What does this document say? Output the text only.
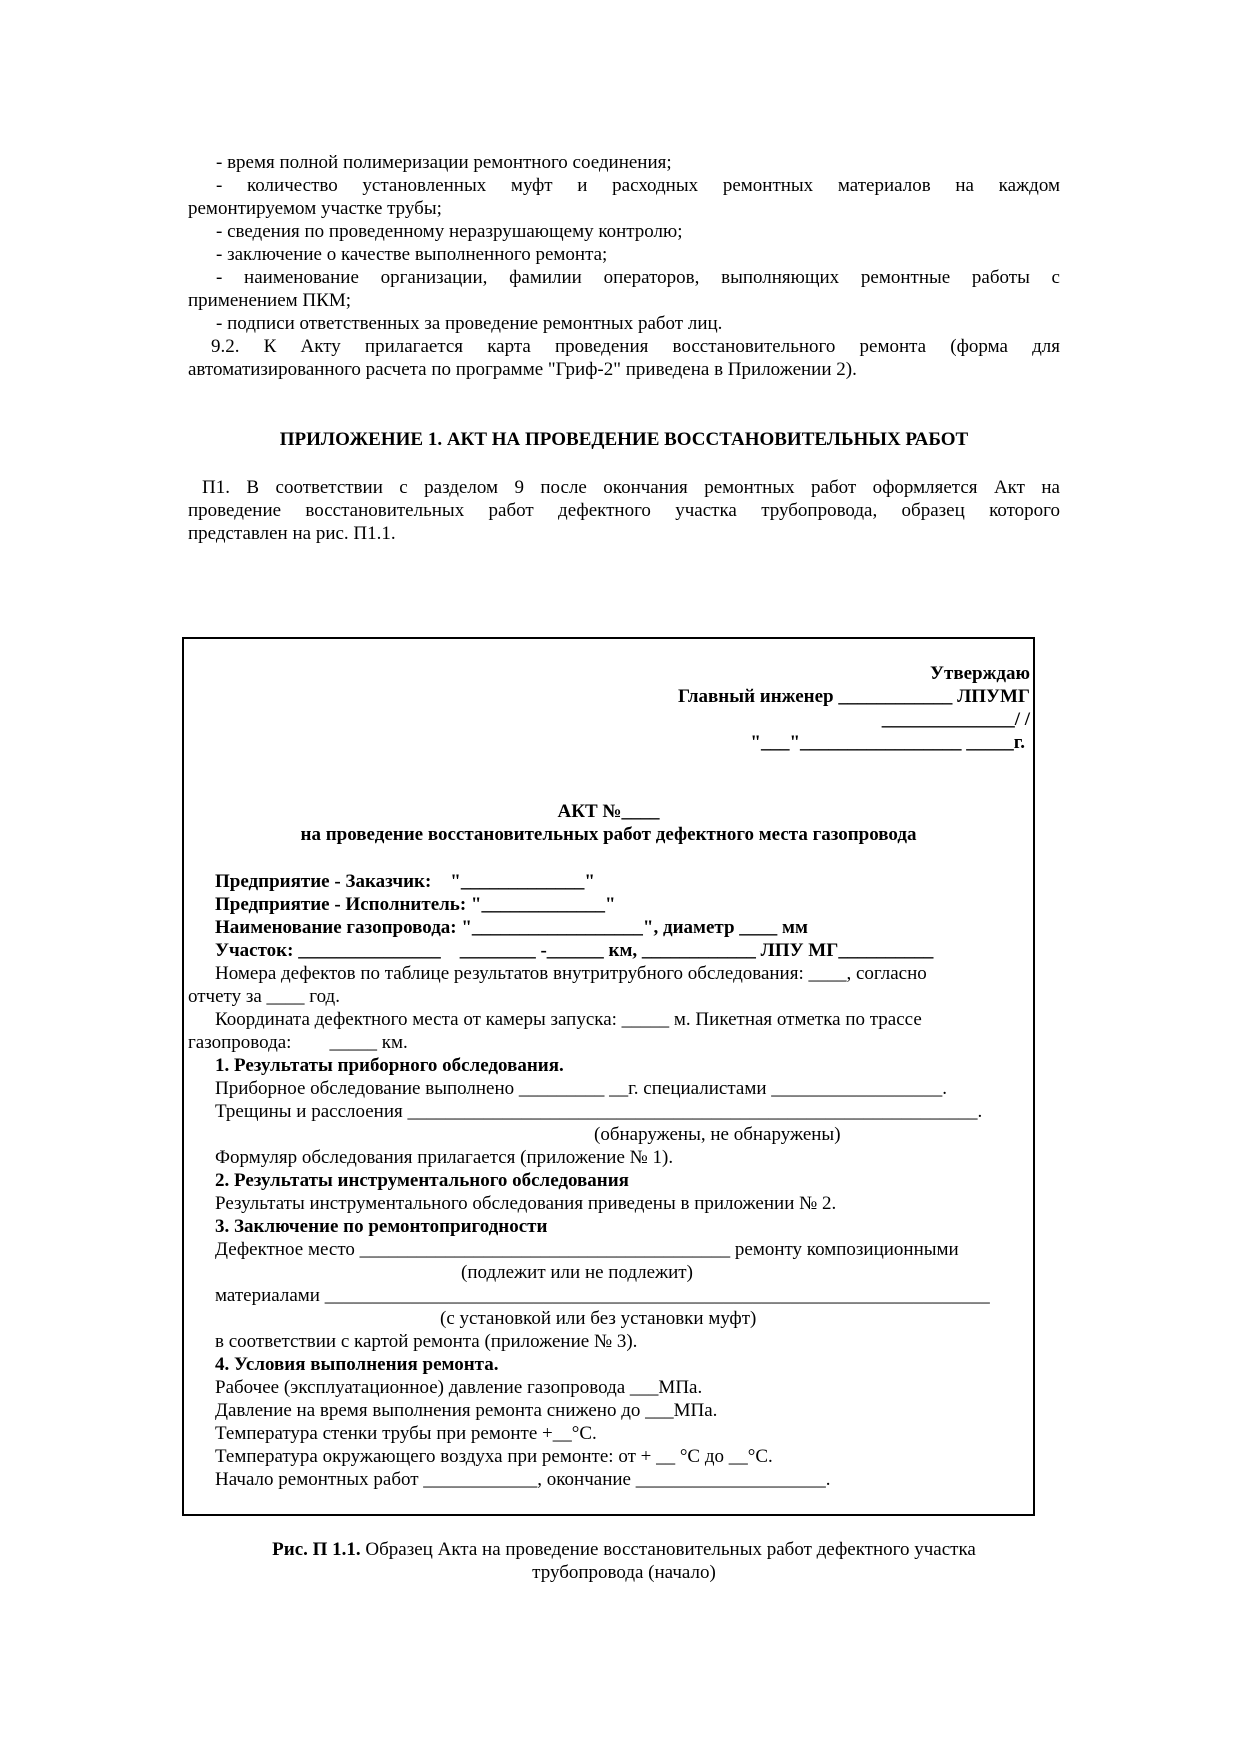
- время полной полимеризации ремонтного соединения;
- количество установленных муфт и расходных ремонтных материалов на каждом
ремонтируемом участке трубы;
- сведения по проведенному неразрушающему контролю;
- заключение о качестве выполненного ремонта;
- наименование организации, фамилии операторов, выполняющих ремонтные работы с
применением ПКМ;
- подписи ответственных за проведение ремонтных работ лиц.
9.2. К Акту прилагается карта проведения восстановительного ремонта (форма для
автоматизированного расчета по программе "Гриф-2" приведена в Приложении 2).
ПРИЛОЖЕНИЕ 1. АКТ НА ПРОВЕДЕНИЕ ВОССТАНОВИТЕЛЬНЫХ РАБОТ
П1. В соответствии с разделом 9 после окончания ремонтных работ оформляется Акт на
проведение восстановительных работ дефектного участка трубопровода, образец которого
представлен на рис. П1.1.
Утверждаю
Главный инженер ____________ ЛПУМГ
______________/ /
"___"_________________ _____г.
АКТ №____
на проведение восстановительных работ дефектного места газопровода
Предприятие - Заказчик:    "_____________"
Предприятие - Исполнитель: "_____________"
Наименование газопровода: "__________________", диаметр ____ мм
Участок: _______________    ________ -______ км, ____________ ЛПУ МГ__________
Номера дефектов по таблице результатов внутритрубного обследования: ____, согласно
отчету за ____ год.
Координата дефектного места от камеры запуска: _____ м. Пикетная отметка по трассе
газопровода:        _____ км.
1. Результаты приборного обследования.
Приборное обследование выполнено _________ __г. специалистами __________________.
Трещины и расслоения ____________________________________________________________.
(обнаружены, не обнаружены)
Формуляр обследования прилагается (приложение № 1).
2. Результаты инструментального обследования
Результаты инструментального обследования приведены в приложении № 2.
3. Заключение по ремонтопригодности
Дефектное место _______________________________________ ремонту композиционными
(подлежит или не подлежит)
материалами ______________________________________________________________________
(с установкой или без установки муфт)
в соответствии с картой ремонта (приложение № 3).
4. Условия выполнения ремонта.
Рабочее (эксплуатационное) давление газопровода ___МПа.
Давление на время выполнения ремонта снижено до ___МПа.
Температура стенки трубы при ремонте +__°С.
Температура окружающего воздуха при ремонте: от + __ °С до __°С.
Начало ремонтных работ ____________, окончание ____________________.
Рис. П 1.1. Образец Акта на проведение восстановительных работ дефектного участка
трубопровода (начало)
